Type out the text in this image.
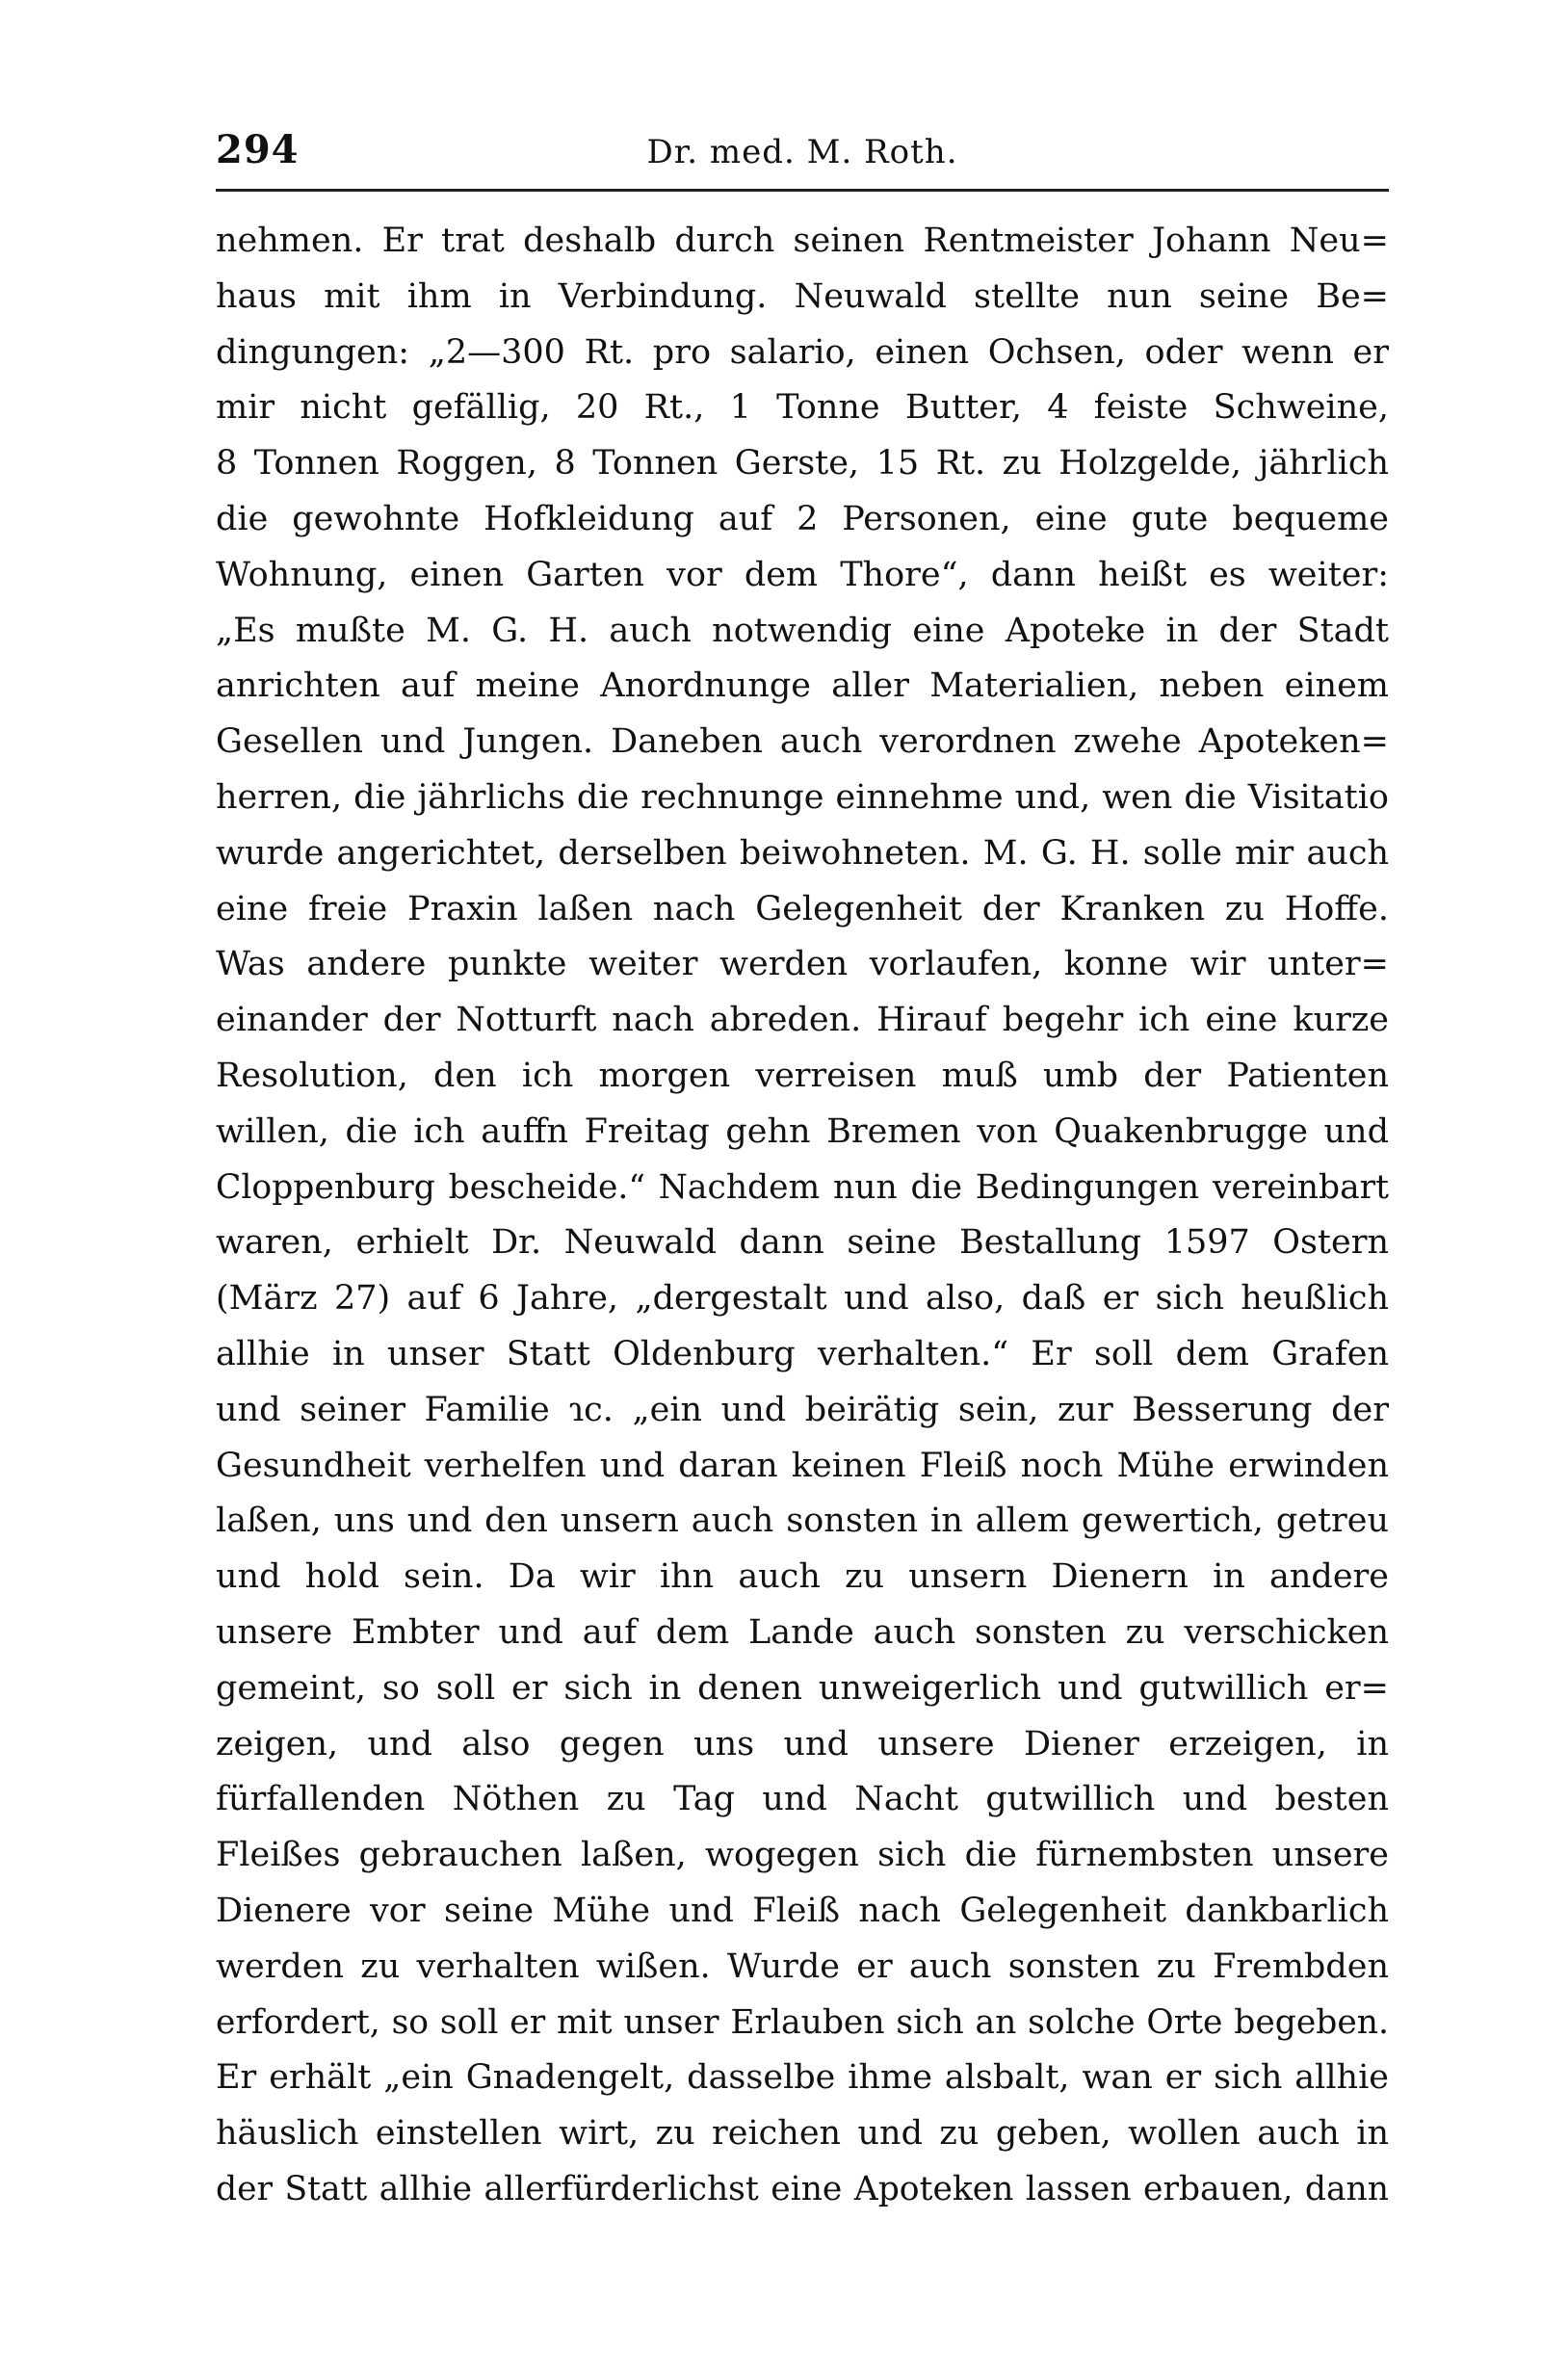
294	Dr. med. M. Roth.
nehmen. Er trat deshalb durch seinen Rentmeister Johann Neu=
haus mit ihm in Verbindung. Neuwald stellte nun seine Be=
dingungen: „2—300 Rt. pro salario, einen Ochsen, oder wenn er
mir nicht gefällig, 20 Rt., 1 Tonne Butter, 4 feiste Schweine,
8 Tonnen Roggen, 8 Tonnen Gerste, 15 Rt. zu Holzgelde, jährlich
die gewohnte Hofkleidung auf 2 Personen, eine gute bequeme
Wohnung, einen Garten vor dem Thore“, dann heißt es weiter:
„Es mußte M. G. H. auch notwendig eine Apoteke in der Stadt
anrichten auf meine Anordnunge aller Materialien, neben einem
Gesellen und Jungen. Daneben auch verordnen zwehe Apoteken=
herren, die jährlichs die rechnunge einnehme und, wen die Visitatio
wurde angerichtet, derselben beiwohneten. M. G. H. solle mir auch
eine freie Praxin laßen nach Gelegenheit der Kranken zu Hoffe.
Was andere punkte weiter werden vorlaufen, konne wir unter=
einander der Notturft nach abreden. Hirauf begehr ich eine kurze
Resolution, den ich morgen verreisen muß umb der Patienten
willen, die ich auffn Freitag gehn Bremen von Quakenbrugge und
Cloppenburg bescheide.“ Nachdem nun die Bedingungen vereinbart
waren, erhielt Dr. Neuwald dann seine Bestallung 1597 Ostern
(März 27) auf 6 Jahre, „dergestalt und also, daß er sich heußlich
allhie in unser Statt Oldenburg verhalten.“ Er soll dem Grafen
und seiner Familie ɿc. „ein und beirätig sein, zur Besserung der
Gesundheit verhelfen und daran keinen Fleiß noch Mühe erwinden
laßen, uns und den unsern auch sonsten in allem gewertich, getreu
und hold sein. Da wir ihn auch zu unsern Dienern in andere
unsere Embter und auf dem Lande auch sonsten zu verschicken
gemeint, so soll er sich in denen unweigerlich und gutwillich er=
zeigen, und also gegen uns und unsere Diener erzeigen, in
fürfallenden Nöthen zu Tag und Nacht gutwillich und besten
Fleißes gebrauchen laßen, wogegen sich die fürnembsten unsere
Dienere vor seine Mühe und Fleiß nach Gelegenheit dankbarlich
werden zu verhalten wißen. Wurde er auch sonsten zu Frembden
erfordert, so soll er mit unser Erlauben sich an solche Orte begeben.
Er erhält „ein Gnadengelt, dasselbe ihme alsbalt, wan er sich allhie
häuslich einstellen wirt, zu reichen und zu geben, wollen auch in
der Statt allhie allerfürderlichst eine Apoteken lassen erbauen, dann
